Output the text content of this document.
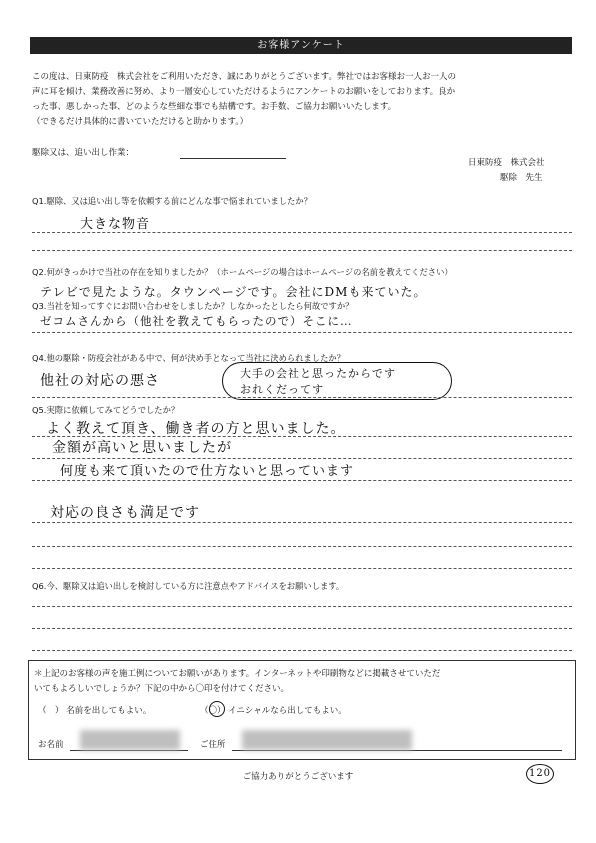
お客様アンケート
この度は、日東防疫　株式会社をご利用いただき、誠にありがとうございます。弊社ではお客様お一人お一人の
声に耳を傾け、業務改善に努め、より一層安心していただけるようにアンケートのお願いをしております。良か
った事、悪しかった事、どのような些細な事でも結構です。お手数、ご協力お願いいたします。
（できるだけ具体的に書いていただけると助かります。）
駆除又は、追い出し作業：
日東防疫　株式会社
駆除　先生
Q1.駆除、又は追い出し等を依頼する前にどんな事で悩まれていましたか？
大きな物音
Q2.何がきっかけで当社の存在を知りましたか？（ホームページの場合はホームページの名前を教えてください）
テレビで見たような。タウンページです。会社にDMも来ていた。
Q3.当社を知ってすぐにお問い合わせをしましたか？しなかったとしたら何故ですか？
ゼコムさんから（他社を教えてもらったので）そこに…
Q4.他の駆除・防疫会社がある中で、何が決め手となって当社に決められましたか？
他社の対応の悪さ	大手の会社と思ったからです
おれくだってす
Q5.実際に依頼してみてどうでしたか？
よく教えて頂き、働き者の方と思いました。
金額が高いと思いましたが
何度も来て頂いたので仕方ないと思っています
対応の良さも満足です
Q6.今、駆除又は追い出しを検討している方に注意点やアドバイスをお願いします。
＊上記のお客様の声を施工例についてお願いがあります。インターネットや印刷物などに掲載させていただ
いてもよろしいでしょうか？下記の中から〇印を付けてください。
（　） 名前を出してもよい。	（〇） イニシャルなら出してもよい。
お名前	ご住所
ご協力ありがとうございます	120
